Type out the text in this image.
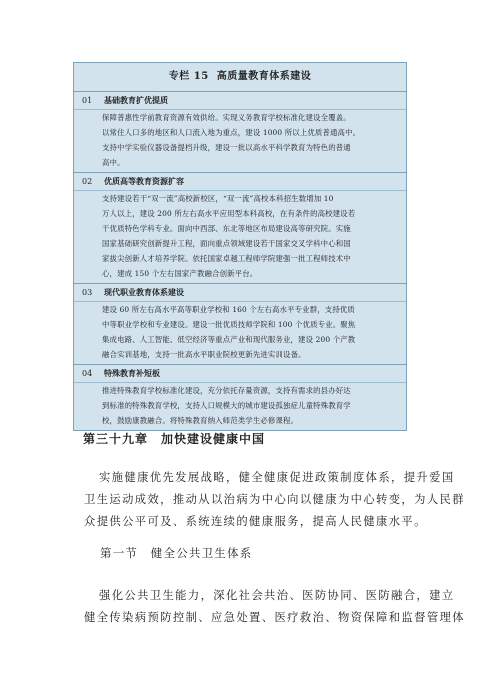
专栏 15 高质量教育体系建设
01 基础教育扩优提质
保障普惠性学前教育资源有效供给。实现义务教育学校标准化建设全覆盖。
以常住人口多的地区和人口流入地为重点，建设 1000 所以上优质普通高中。
支持中学实验仪器设备提档升级，建设一批以高水平科学教育为特色的普通
高中。
02 优质高等教育资源扩容
支持建设若干“双一流”高校新校区，“双一流”高校本科招生数增加 10
万人以上，建设 200 所左右高水平应用型本科高校，在有条件的高校建设若
干优质特色学科专业。面向中西部、东北等地区布局建设高等研究院。实施
国家基础研究创新提升工程，面向重点领域建设若干国家交叉学科中心和国
家拔尖创新人才培养学院。依托国家卓越工程师学院建强一批工程师技术中
心，建成 150 个左右国家产教融合创新平台。
03 现代职业教育体系建设
建设 60 所左右高水平高等职业学校和 160 个左右高水平专业群，支持优质
中等职业学校和专业建设。建设一批优质技师学院和 100 个优质专业。聚焦
集成电路、人工智能、低空经济等重点产业和现代服务业，建设 200 个产教
融合实训基地，支持一批高水平职业院校更新先进实训设备。
04 特殊教育补短板
推进特殊教育学校标准化建设，充分依托存量资源，支持有需求的县办好达
到标准的特殊教育学校，支持人口规模大的城市建设孤独症儿童特殊教育学
校，鼓励康教融合。将特殊教育纳入师范类学生必修课程。
第三十九章　加快建设健康中国
实施健康优先发展战略，健全健康促进政策制度体系，提升爱国
卫生运动成效，推动从以治病为中心向以健康为中心转变，为人民群
众提供公平可及、系统连续的健康服务，提高人民健康水平。
第一节　健全公共卫生体系
强化公共卫生能力，深化社会共治、医防协同、医防融合，建立
健全传染病预防控制、应急处置、医疗救治、物资保障和监督管理体
